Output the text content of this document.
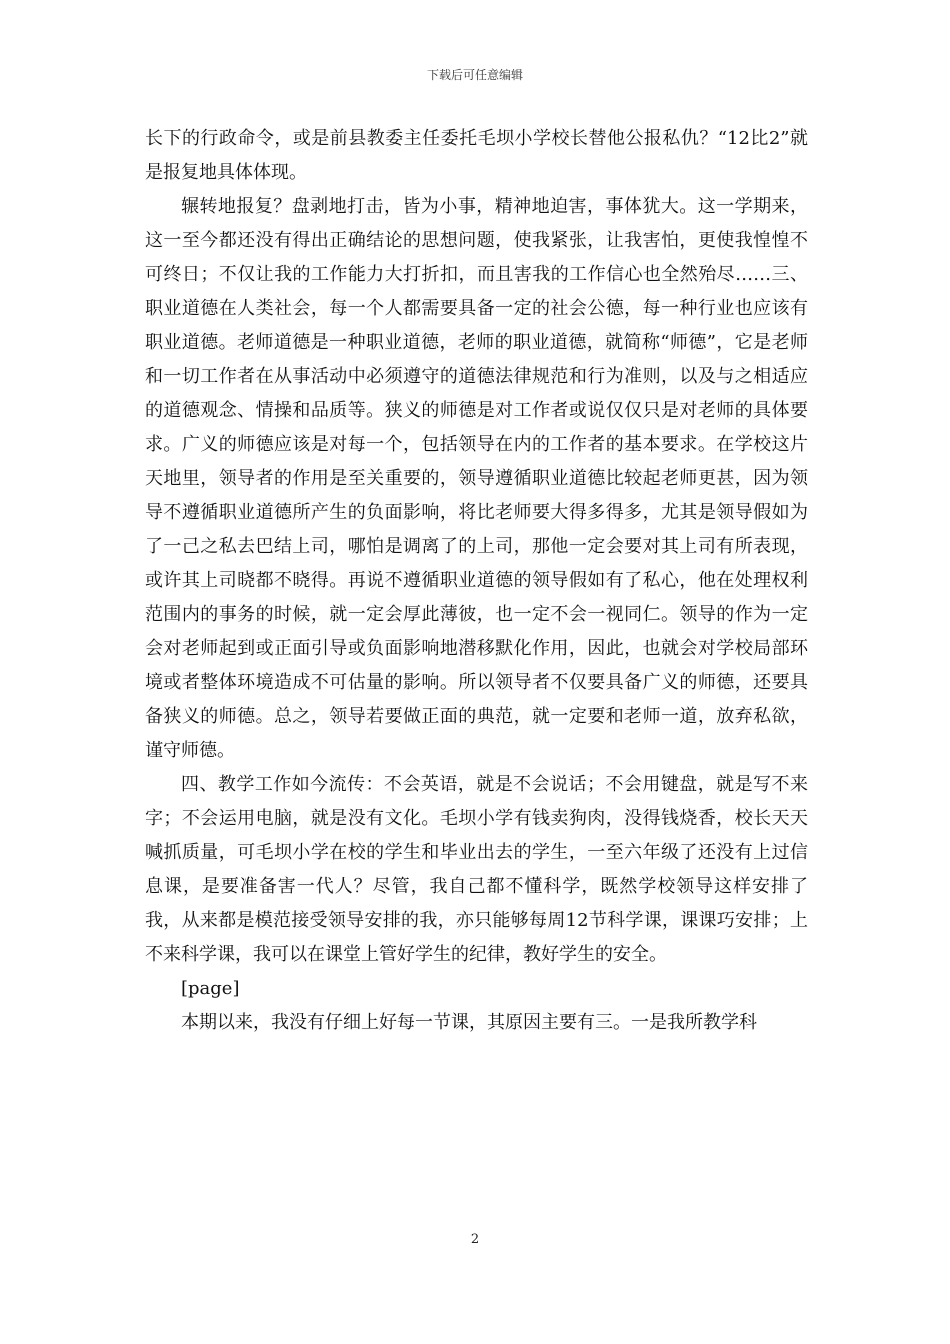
下载后可任意编辑

长下的行政命令，或是前县教委主任委托毛坝小学校长替他公报私仇？“12比2”就是报复地具体体现。

辗转地报复？盘剥地打击，皆为小事，精神地迫害，事体犹大。这一学期来，这一至今都还没有得出正确结论的思想问题，使我紧张，让我害怕，更使我惶惶不可终日；不仅让我的工作能力大打折扣，而且害我的工作信心也全然殆尽……三、职业道德在人类社会，每一个人都需要具备一定的社会公德，每一种行业也应该有职业道德。老师道德是一种职业道德，老师的职业道德，就简称“师德”，它是老师和一切工作者在从事活动中必须遵守的道德法律规范和行为准则，以及与之相适应的道德观念、情操和品质等。狭义的师德是对工作者或说仅仅只是对老师的具体要求。广义的师德应该是对每一个，包括领导在内的工作者的基本要求。在学校这片天地里，领导者的作用是至关重要的，领导遵循职业道德比较起老师更甚，因为领导不遵循职业道德所产生的负面影响，将比老师要大得多得多，尤其是领导假如为了一己之私去巴结上司，哪怕是调离了的上司，那他一定会要对其上司有所表现，或许其上司晓都不晓得。再说不遵循职业道德的领导假如有了私心，他在处理权利范围内的事务的时候，就一定会厚此薄彼，也一定不会一视同仁。领导的作为一定会对老师起到或正面引导或负面影响地潜移默化作用，因此，也就会对学校局部环境或者整体环境造成不可估量的影响。所以领导者不仅要具备广义的师德，还要具备狭义的师德。总之，领导若要做正面的典范，就一定要和老师一道，放弃私欲，谨守师德。

四、教学工作如今流传：不会英语，就是不会说话；不会用键盘，就是写不来字；不会运用电脑，就是没有文化。毛坝小学有钱卖狗肉，没得钱烧香，校长天天喊抓质量，可毛坝小学在校的学生和毕业出去的学生，一至六年级了还没有上过信息课，是要准备害一代人？尽管，我自己都不懂科学，既然学校领导这样安排了我，从来都是模范接受领导安排的我，亦只能够每周12节科学课，课课巧安排；上不来科学课，我可以在课堂上管好学生的纪律，教好学生的安全。

[page]

本期以来，我没有仔细上好每一节课，其原因主要有三。一是我所教学科

2
